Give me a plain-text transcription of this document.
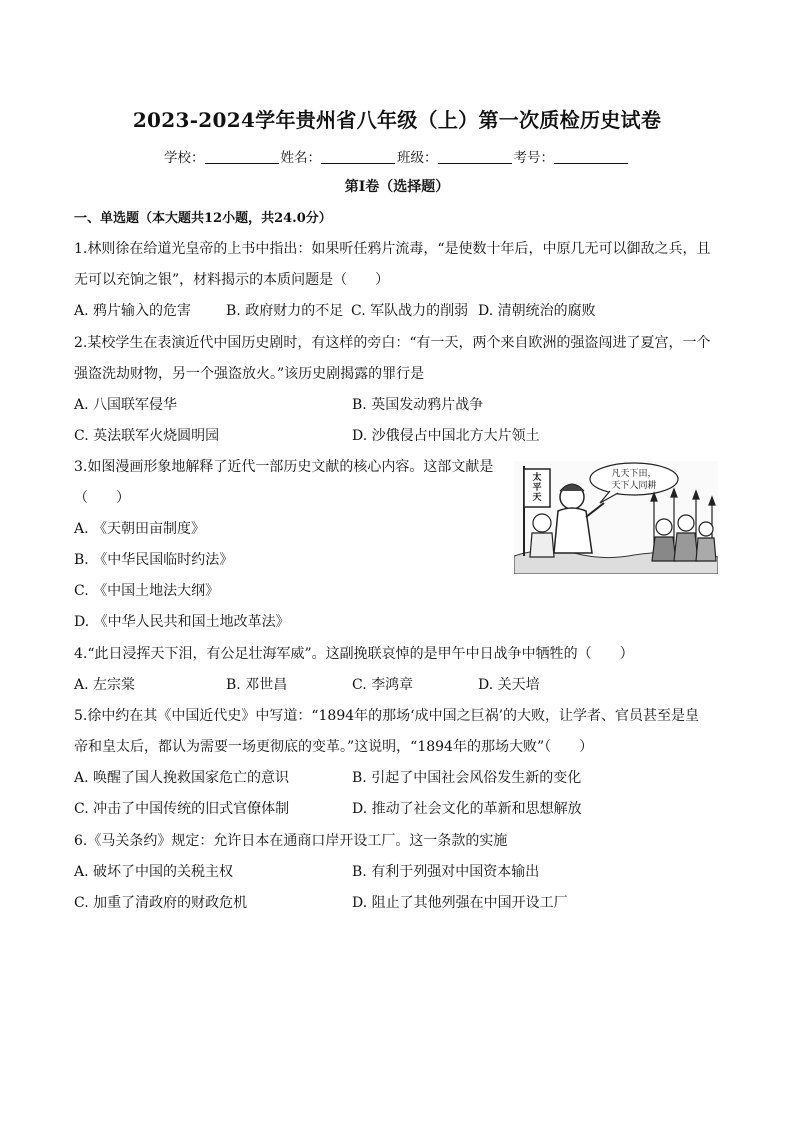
2023-2024学年贵州省八年级（上）第一次质检历史试卷
学校：	姓名：	班级：	考号：
第I卷（选择题）
一、单选题（本大题共12小题，共24.0分）
1.林则徐在给道光皇帝的上书中指出：如果听任鸦片流毒，“是使数十年后，中原几无可以御敌之兵，且
无可以充饷之银”，材料揭示的本质问题是（　　）
A. 鸦片输入的危害 B. 政府财力的不足 C. 军队战力的削弱 D. 清朝统治的腐败
2.某校学生在表演近代中国历史剧时，有这样的旁白：“有一天，两个来自欧洲的强盗闯进了夏宫，一个
强盗洗劫财物，另一个强盗放火。”该历史剧揭露的罪行是
A. 八国联军侵华	B. 英国发动鸦片战争
C. 英法联军火烧圆明园	D. 沙俄侵占中国北方大片领土
3.如图漫画形象地解释了近代一部历史文献的核心内容。这部文献是
（　　）
A. 《天朝田亩制度》
B. 《中华民国临时约法》
C. 《中国土地法大纲》
D. 《中华人民共和国土地改革法》
太
平
天
凡天下田，
天下人同耕
4.“此日浸挥天下泪，有公足壮海军威”。这副挽联哀悼的是甲午中日战争中牺牲的（　　）
A. 左宗棠	B. 邓世昌	C. 李鸿章	D. 关天培
5.徐中约在其《中国近代史》中写道：“1894年的那场‘成中国之巨祸’的大败，让学者、官员甚至是皇
帝和皇太后，都认为需要一场更彻底的变革。”这说明，“1894年的那场大败”（　　）
A. 唤醒了国人挽救国家危亡的意识	B. 引起了中国社会风俗发生新的变化
C. 冲击了中国传统的旧式官僚体制	D. 推动了社会文化的革新和思想解放
6.《马关条约》规定：允许日本在通商口岸开设工厂。这一条款的实施
A. 破坏了中国的关税主权	B. 有利于列强对中国资本输出
C. 加重了清政府的财政危机	D. 阻止了其他列强在中国开设工厂
